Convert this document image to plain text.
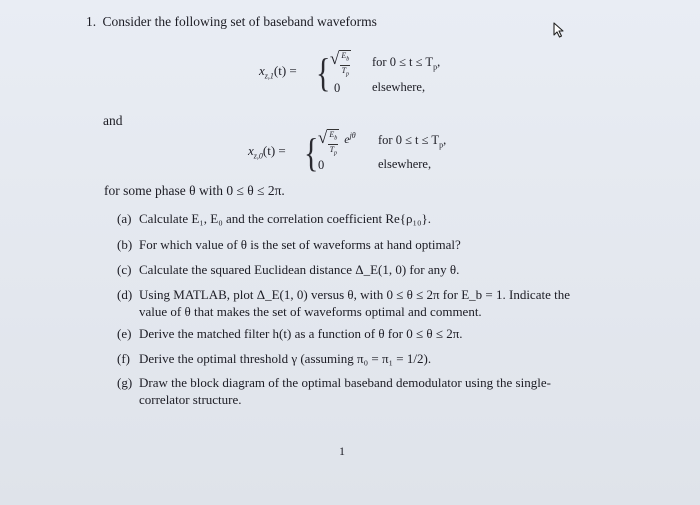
1. Consider the following set of baseband waveforms
$x_{z,1}(t)$ = { √ $\frac{E_b}{T_p}$
0
for $0 \le t \le T_p$,
elsewhere,
and
$x_{z,0}(t)$ = { √ $\frac{E_b}{T_p} e^{j\theta}$
0
for $0 \le t \le T_p$,
elsewhere,
for some phase θ with 0 ≤ θ ≤ 2π.
(a) Calculate E₁, E₀ and the correlation coefficient Re{ρ₁₀}.
(b) For which value of θ is the set of waveforms at hand optimal?
(c) Calculate the squared Euclidean distance Δ_E(1, 0) for any θ.
(d) Using MATLAB, plot Δ_E(1, 0) versus θ, with 0 ≤ θ ≤ 2π for E_b = 1. Indicate the
value of θ that makes the set of waveforms optimal and comment.
(e) Derive the matched filter h(t) as a function of θ for 0 ≤ θ ≤ 2π.
(f) Derive the optimal threshold γ (assuming π₀ = π₁ = 1/2).
(g) Draw the block diagram of the optimal baseband demodulator using the single-
correlator structure.
1
